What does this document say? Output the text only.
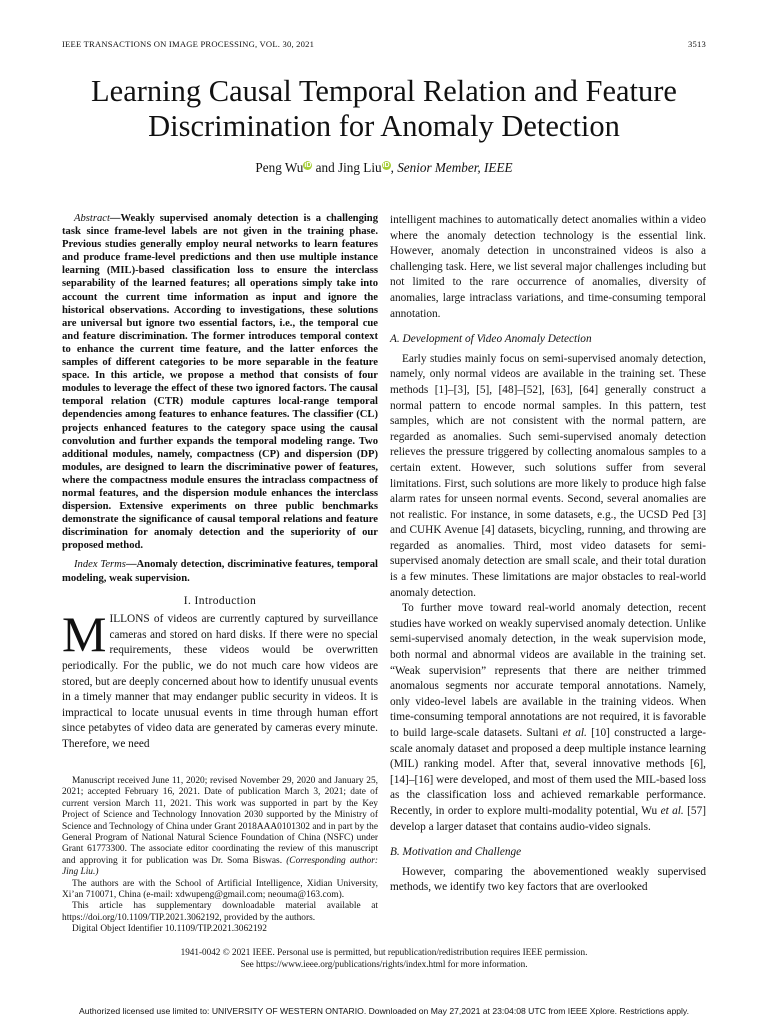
IEEE TRANSACTIONS ON IMAGE PROCESSING, VOL. 30, 2021	3513
Learning Causal Temporal Relation and Feature
Discrimination for Anomaly Detection
Peng WuiD and Jing LiuiD, Senior Member, IEEE

Abstract—Weakly supervised anomaly detection is a challenging task since frame-level labels are not given in the training phase. Previous studies generally employ neural networks to learn features and produce frame-level predictions and then use multiple instance learning (MIL)-based classification loss to ensure the interclass separability of the learned features; all operations simply take into account the current time information as input and ignore the historical observations. According to investigations, these solutions are universal but ignore two essential factors, i.e., the temporal cue and feature discrimination. The former introduces temporal context to enhance the current time feature, and the latter enforces the samples of different categories to be more separable in the feature space. In this article, we propose a method that consists of four modules to leverage the effect of these two ignored factors. The causal temporal relation (CTR) module captures local-range temporal dependencies among features to enhance features. The classifier (CL) projects enhanced features to the category space using the causal convolution and further expands the temporal modeling range. Two additional modules, namely, compactness (CP) and dispersion (DP) modules, are designed to learn the discriminative power of features, where the compactness module ensures the intraclass compactness of normal features, and the dispersion module enhances the interclass dispersion. Extensive experiments on three public benchmarks demonstrate the significance of causal temporal relations and feature discrimination for anomaly detection and the superiority of our proposed method.

Index Terms—Anomaly detection, discriminative features, temporal modeling, weak supervision.

I. Introduction
M ILLONS of videos are currently captured by surveillance cameras and stored on hard disks. If there were no special requirements, these videos would be overwritten periodically. For the public, we do not much care how videos are stored, but are deeply concerned about how to identify unusual events in a timely manner that may endanger public security in videos. It is impractical to locate unusual events in time through human effort since petabytes of video data are generated by cameras every minute. Therefore, we need

intelligent machines to automatically detect anomalies within a video where the anomaly detection technology is the essential link. However, anomaly detection in unconstrained videos is also a challenging task. Here, we list several major challenges including but not limited to the rare occurrence of anomalies, diversity of anomalies, large intraclass variations, and time-consuming temporal annotation.

A. Development of Video Anomaly Detection

Early studies mainly focus on semi-supervised anomaly detection, namely, only normal videos are available in the training set. These methods [1]–[3], [5], [48]–[52], [63], [64] generally construct a normal pattern to encode normal samples. In this pattern, test samples, which are not consistent with the normal pattern, are regarded as anomalies. Such semi-supervised anomaly detection relieves the pressure triggered by collecting anomalous samples to a certain extent. However, such solutions suffer from several limitations. First, such solutions are more likely to produce high false alarm rates for unseen normal events. Second, several anomalies are not realistic. For instance, in some datasets, e.g., the UCSD Ped [3] and CUHK Avenue [4] datasets, bicycling, running, and throwing are regarded as anomalies. Third, most video datasets for semi-supervised anomaly detection are small scale, and their total duration is a few minutes. These limitations are major obstacles to real-world anomaly detection.

To further move toward real-world anomaly detection, recent studies have worked on weakly supervised anomaly detection. Unlike semi-supervised anomaly detection, in the weak supervision mode, both normal and abnormal videos are available in the training set. “Weak supervision” represents that there are neither trimmed anomalous segments nor accurate temporal annotations. Namely, only video-level labels are available in the training videos. When time-consuming temporal annotations are not required, it is favorable to build large-scale datasets. Sultani et al. [10] constructed a large-scale anomaly dataset and proposed a deep multiple instance learning (MIL) ranking model. After that, several innovative methods [6], [14]–[16] were developed, and most of them used the MIL-based loss as the classification loss and achieved remarkable performance. Recently, in order to explore multi-modality potential, Wu et al. [57] develop a larger dataset that contains audio-video signals.

B. Motivation and Challenge

However, comparing the abovementioned weakly supervised methods, we identify two key factors that are overlooked

Manuscript received June 11, 2020; revised November 29, 2020 and January 25, 2021; accepted February 16, 2021. Date of publication March 3, 2021; date of current version March 11, 2021. This work was supported in part by the Key Project of Science and Technology Innovation 2030 supported by the Ministry of Science and Technology of China under Grant 2018AAA0101302 and in part by the General Program of National Natural Science Foundation of China (NSFC) under Grant 61773300. The associate editor coordinating the review of this manuscript and approving it for publication was Dr. Soma Biswas. (Corresponding author: Jing Liu.)

The authors are with the School of Artificial Intelligence, Xidian University, Xi’an 710071, China (e-mail: xdwupeng@gmail.com; neouma@163.com).

This article has supplementary downloadable material available at https://doi.org/10.1109/TIP.2021.3062192, provided by the authors.

Digital Object Identifier 10.1109/TIP.2021.3062192

1941-0042 © 2021 IEEE. Personal use is permitted, but republication/redistribution requires IEEE permission.
See https://www.ieee.org/publications/rights/index.html for more information.
Authorized licensed use limited to: UNIVERSITY OF WESTERN ONTARIO. Downloaded on May 27,2021 at 23:04:08 UTC from IEEE Xplore. Restrictions apply.
